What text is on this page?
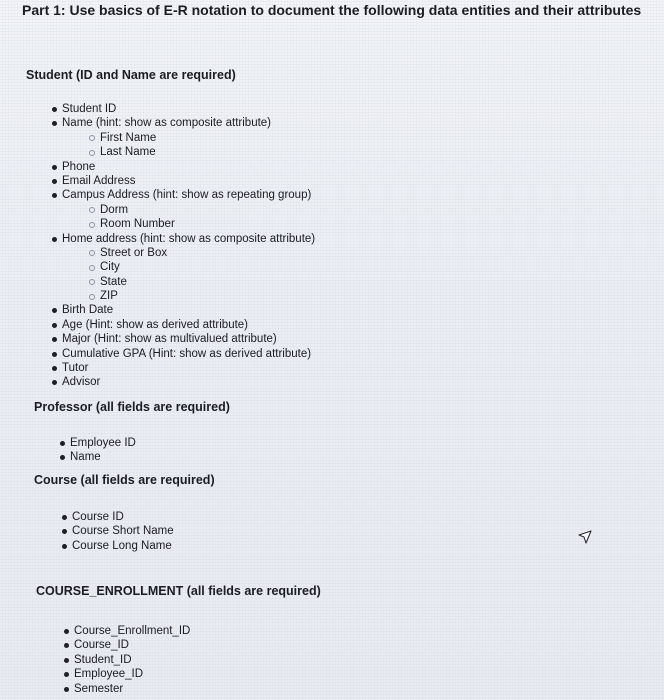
Part 1: Use basics of E-R notation to document the following data entities and their attributes
Student (ID and Name are required)
Student ID
Name (hint: show as composite attribute)
First Name
Last Name
Phone
Email Address
Campus Address (hint: show as repeating group)
Dorm
Room Number
Home address (hint: show as composite attribute)
Street or Box
City
State
ZIP
Birth Date
Age (Hint: show as derived attribute)
Major (Hint: show as multivalued attribute)
Cumulative GPA (Hint: show as derived attribute)
Tutor
Advisor
Professor (all fields are required)
Employee ID
Name
Course (all fields are required)
Course ID
Course Short Name
Course Long Name
COURSE_ENROLLMENT (all fields are required)
Course_Enrollment_ID
Course_ID
Student_ID
Employee_ID
Semester
